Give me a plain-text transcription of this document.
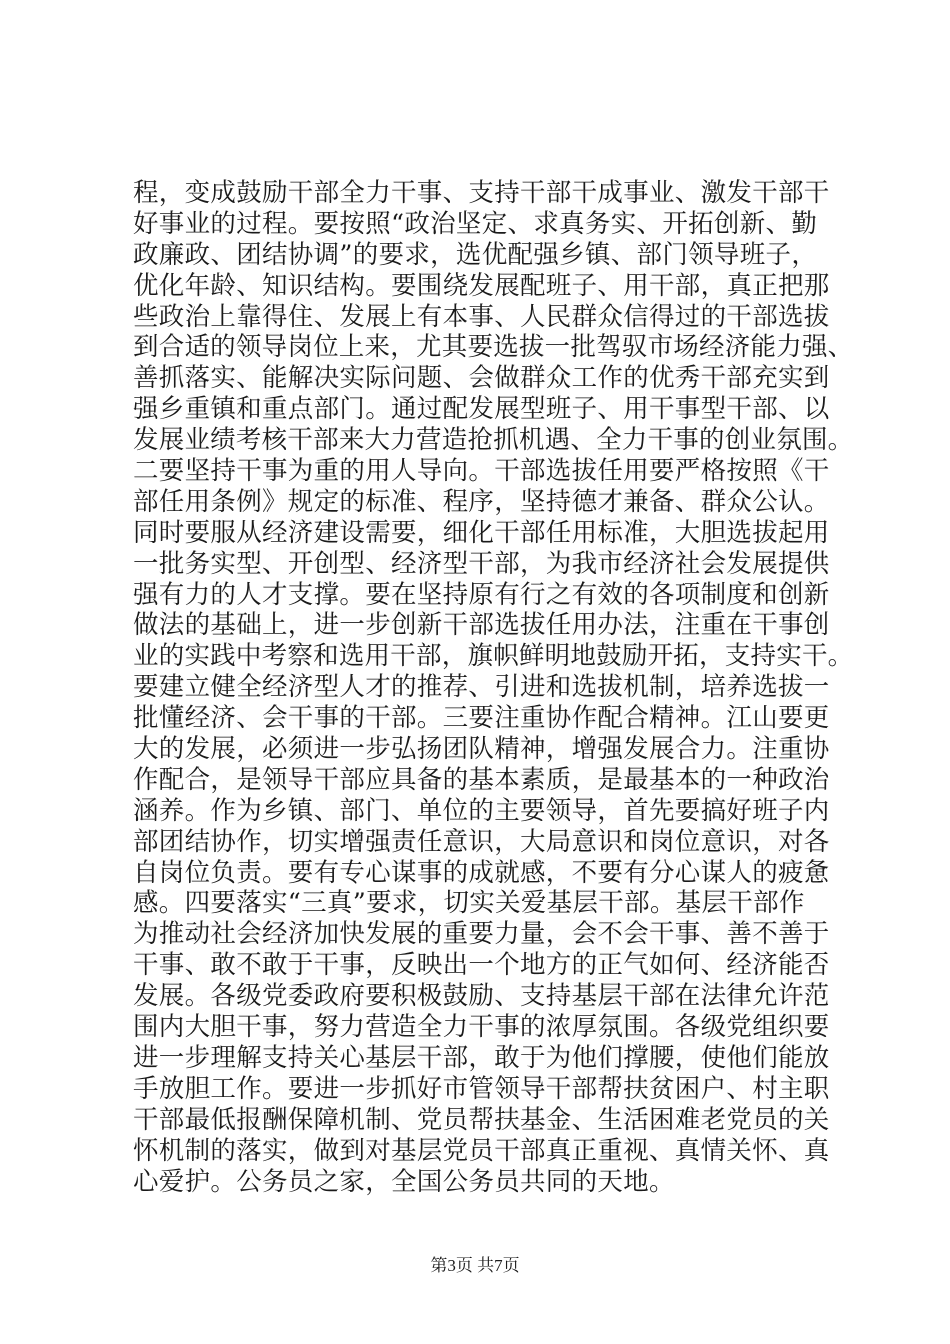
程，变成鼓励干部全力干事、支持干部干成事业、激发干部干
好事业的过程。要按照“政治坚定、求真务实、开拓创新、勤
政廉政、团结协调”的要求，选优配强乡镇、部门领导班子，
优化年龄、知识结构。要围绕发展配班子、用干部，真正把那
些政治上靠得住、发展上有本事、人民群众信得过的干部选拔
到合适的领导岗位上来，尤其要选拔一批驾驭市场经济能力强、
善抓落实、能解决实际问题、会做群众工作的优秀干部充实到
强乡重镇和重点部门。通过配发展型班子、用干事型干部、以
发展业绩考核干部来大力营造抢抓机遇、全力干事的创业氛围。
二要坚持干事为重的用人导向。干部选拔任用要严格按照《干
部任用条例》规定的标准、程序，坚持德才兼备、群众公认。
同时要服从经济建设需要，细化干部任用标准，大胆选拔起用
一批务实型、开创型、经济型干部，为我市经济社会发展提供
强有力的人才支撑。要在坚持原有行之有效的各项制度和创新
做法的基础上，进一步创新干部选拔任用办法，注重在干事创
业的实践中考察和选用干部，旗帜鲜明地鼓励开拓，支持实干。
要建立健全经济型人才的推荐、引进和选拔机制，培养选拔一
批懂经济、会干事的干部。三要注重协作配合精神。江山要更
大的发展，必须进一步弘扬团队精神，增强发展合力。注重协
作配合，是领导干部应具备的基本素质，是最基本的一种政治
涵养。作为乡镇、部门、单位的主要领导，首先要搞好班子内
部团结协作，切实增强责任意识，大局意识和岗位意识，对各
自岗位负责。要有专心谋事的成就感，不要有分心谋人的疲惫
感。四要落实“三真”要求，切实关爱基层干部。基层干部作
为推动社会经济加快发展的重要力量，会不会干事、善不善于
干事、敢不敢于干事，反映出一个地方的正气如何、经济能否
发展。各级党委政府要积极鼓励、支持基层干部在法律允许范
围内大胆干事，努力营造全力干事的浓厚氛围。各级党组织要
进一步理解支持关心基层干部，敢于为他们撑腰，使他们能放
手放胆工作。要进一步抓好市管领导干部帮扶贫困户、村主职
干部最低报酬保障机制、党员帮扶基金、生活困难老党员的关
怀机制的落实，做到对基层党员干部真正重视、真情关怀、真
心爱护。公务员之家，全国公务员共同的天地。
第3页 共7页
